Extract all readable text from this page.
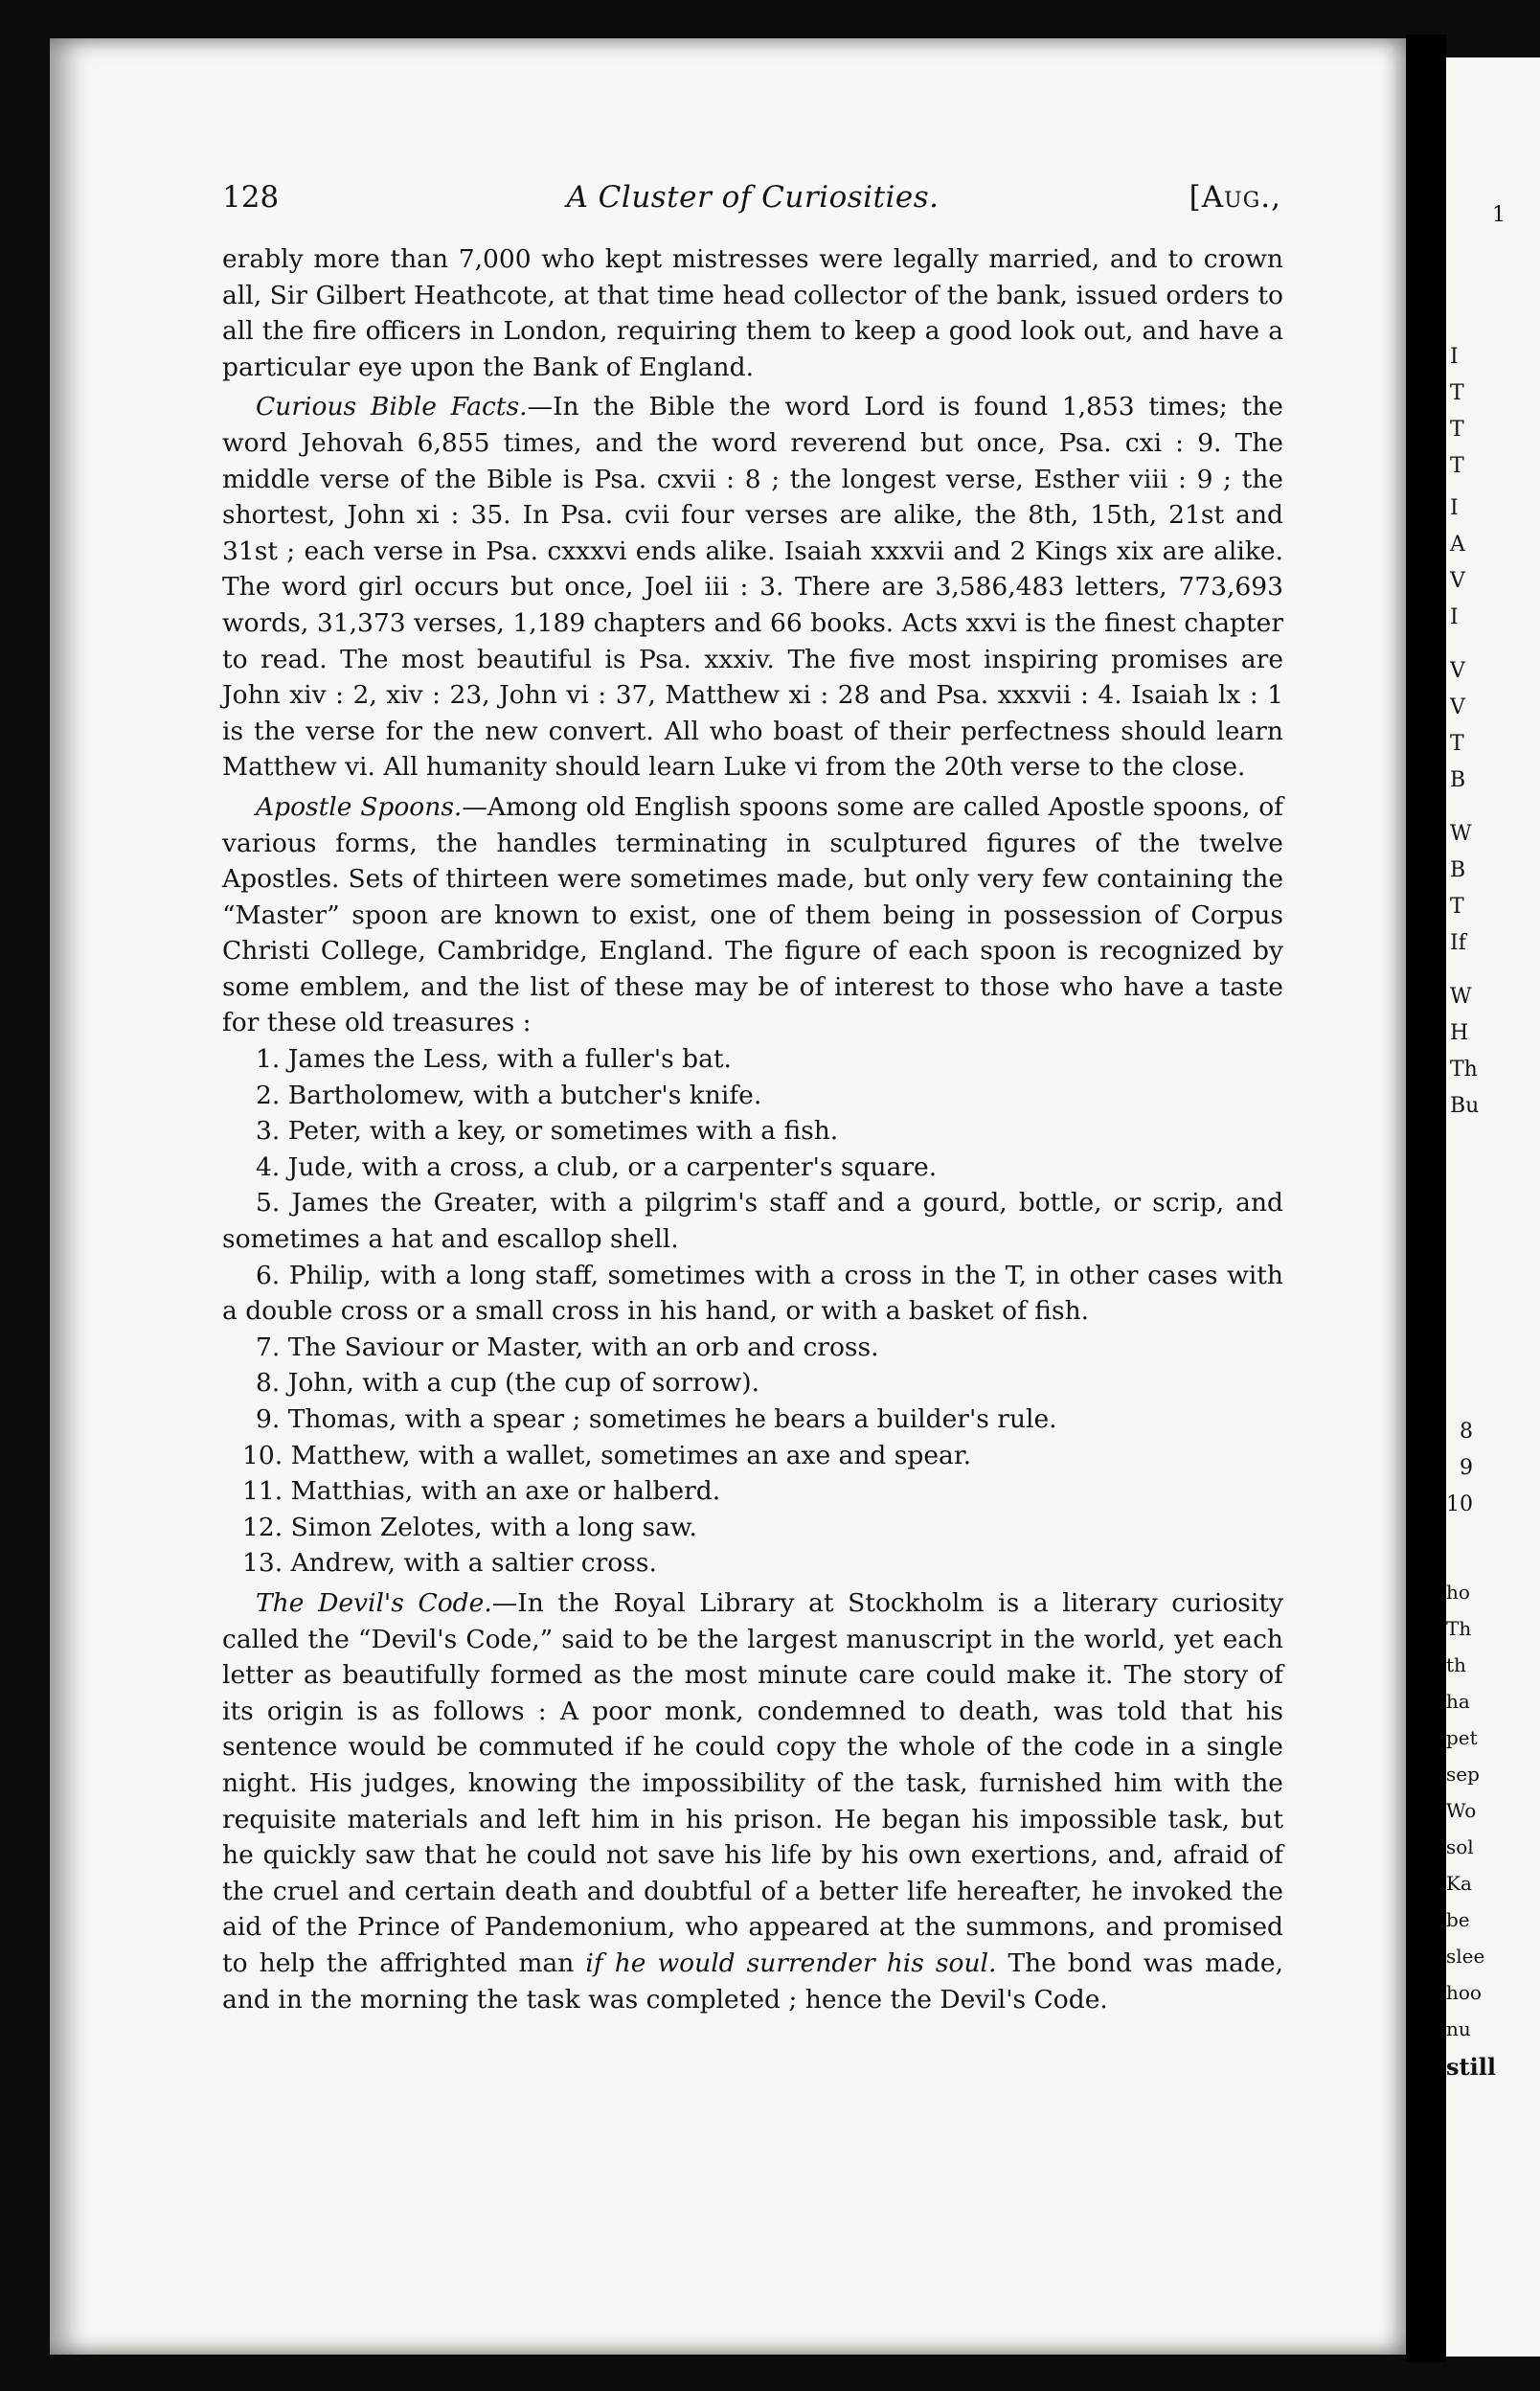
1
I
T
T
T
I
A
V
I
V
V
T
B
W
B
T
If
W
H
Th
Bu
8
9
10
ho
Th
th
ha
pet
sep
Wo
sol
Ka
be
slee
hoo
nu
still
128	A Cluster of Curiosities.	[Aug.,

erably more than 7,000 who kept mistresses were legally married, and to crown all, Sir Gilbert Heathcote, at that time head collector of the bank, issued orders to all the fire officers in London, requiring them to keep a good look out, and have a particular eye upon the Bank of England.

Curious Bible Facts.—In the Bible the word Lord is found 1,853 times; the word Jehovah 6,855 times, and the word reverend but once, Psa. cxi : 9. The middle verse of the Bible is Psa. cxvii : 8 ; the longest verse, Esther viii : 9 ; the shortest, John xi : 35. In Psa. cvii four verses are alike, the 8th, 15th, 21st and 31st ; each verse in Psa. cxxxvi ends alike. Isaiah xxxvii and 2 Kings xix are alike. The word girl occurs but once, Joel iii : 3. There are 3,586,483 letters, 773,693 words, 31,373 verses, 1,189 chapters and 66 books. Acts xxvi is the finest chapter to read. The most beautiful is Psa. xxxiv. The five most inspiring promises are John xiv : 2, xiv : 23, John vi : 37, Matthew xi : 28 and Psa. xxxvii : 4. Isaiah lx : 1 is the verse for the new convert. All who boast of their perfectness should learn Matthew vi. All humanity should learn Luke vi from the 20th verse to the close.

Apostle Spoons.—Among old English spoons some are called Apostle spoons, of various forms, the handles terminating in sculptured figures of the twelve Apostles. Sets of thirteen were sometimes made, but only very few containing the “Master” spoon are known to exist, one of them being in possession of Corpus Christi College, Cambridge, England. The figure of each spoon is recognized by some emblem, and the list of these may be of interest to those who have a taste for these old treasures :

1. James the Less, with a fuller's bat.
2. Bartholomew, with a butcher's knife.
3. Peter, with a key, or sometimes with a fish.
4. Jude, with a cross, a club, or a carpenter's square.
5. James the Greater, with a pilgrim's staff and a gourd, bottle, or scrip, and sometimes a hat and escallop shell.
6. Philip, with a long staff, sometimes with a cross in the T, in other cases with a double cross or a small cross in his hand, or with a basket of fish.
7. The Saviour or Master, with an orb and cross.
8. John, with a cup (the cup of sorrow).
9. Thomas, with a spear ; sometimes he bears a builder's rule.
10. Matthew, with a wallet, sometimes an axe and spear.
11. Matthias, with an axe or halberd.
12. Simon Zelotes, with a long saw.
13. Andrew, with a saltier cross.

The Devil's Code.—In the Royal Library at Stockholm is a literary curiosity called the “Devil's Code,” said to be the largest manuscript in the world, yet each letter as beautifully formed as the most minute care could make it. The story of its origin is as follows : A poor monk, condemned to death, was told that his sentence would be commuted if he could copy the whole of the code in a single night. His judges, knowing the impossibility of the task, furnished him with the requisite materials and left him in his prison. He began his impossible task, but he quickly saw that he could not save his life by his own exertions, and, afraid of the cruel and certain death and doubtful of a better life hereafter, he invoked the aid of the Prince of Pandemonium, who appeared at the summons, and promised to help the affrighted man if he would surrender his soul. The bond was made, and in the morning the task was completed ; hence the Devil's Code.
